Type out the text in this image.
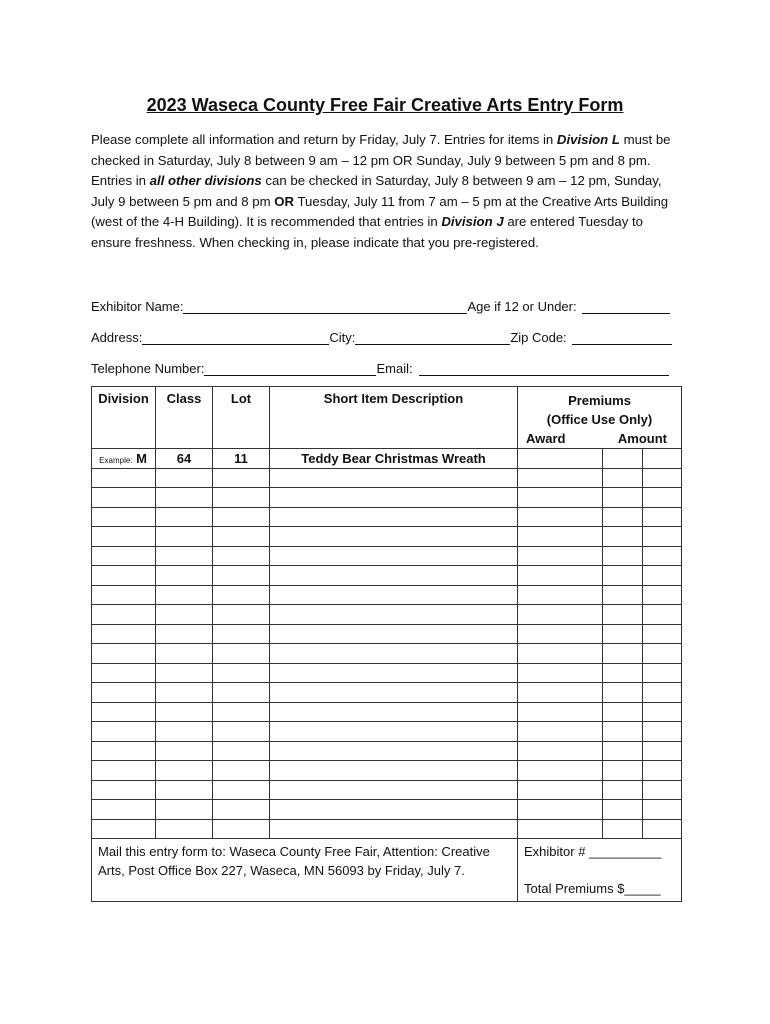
2023 Waseca County Free Fair Creative Arts Entry Form
Please complete all information and return by Friday, July 7. Entries for items in Division L must be checked in Saturday, July 8 between 9 am – 12 pm OR Sunday, July 9 between 5 pm and 8 pm. Entries in all other divisions can be checked in Saturday, July 8 between 9 am – 12 pm, Sunday, July 9 between 5 pm and 8 pm OR Tuesday, July 11 from 7 am – 5 pm at the Creative Arts Building (west of the 4-H Building). It is recommended that entries in Division J are entered Tuesday to ensure freshness. When checking in, please indicate that you pre-registered.
Exhibitor Name:	Age if 12 or Under:
Address:	City:	Zip Code:
Telephone Number:	Email:
Division	Class	Lot	Short Item Description	Premiums
(Office Use Only)
Award Amount		

Example: M	64	11	Teddy Bear Christmas Wreath			

Mail this entry form to: Waseca County Free Fair, Attention: Creative Arts, Post Office Box 227, Waseca, MN 56093 by Friday, July 7.				Exhibitor # __________
Total Premiums $_____		
